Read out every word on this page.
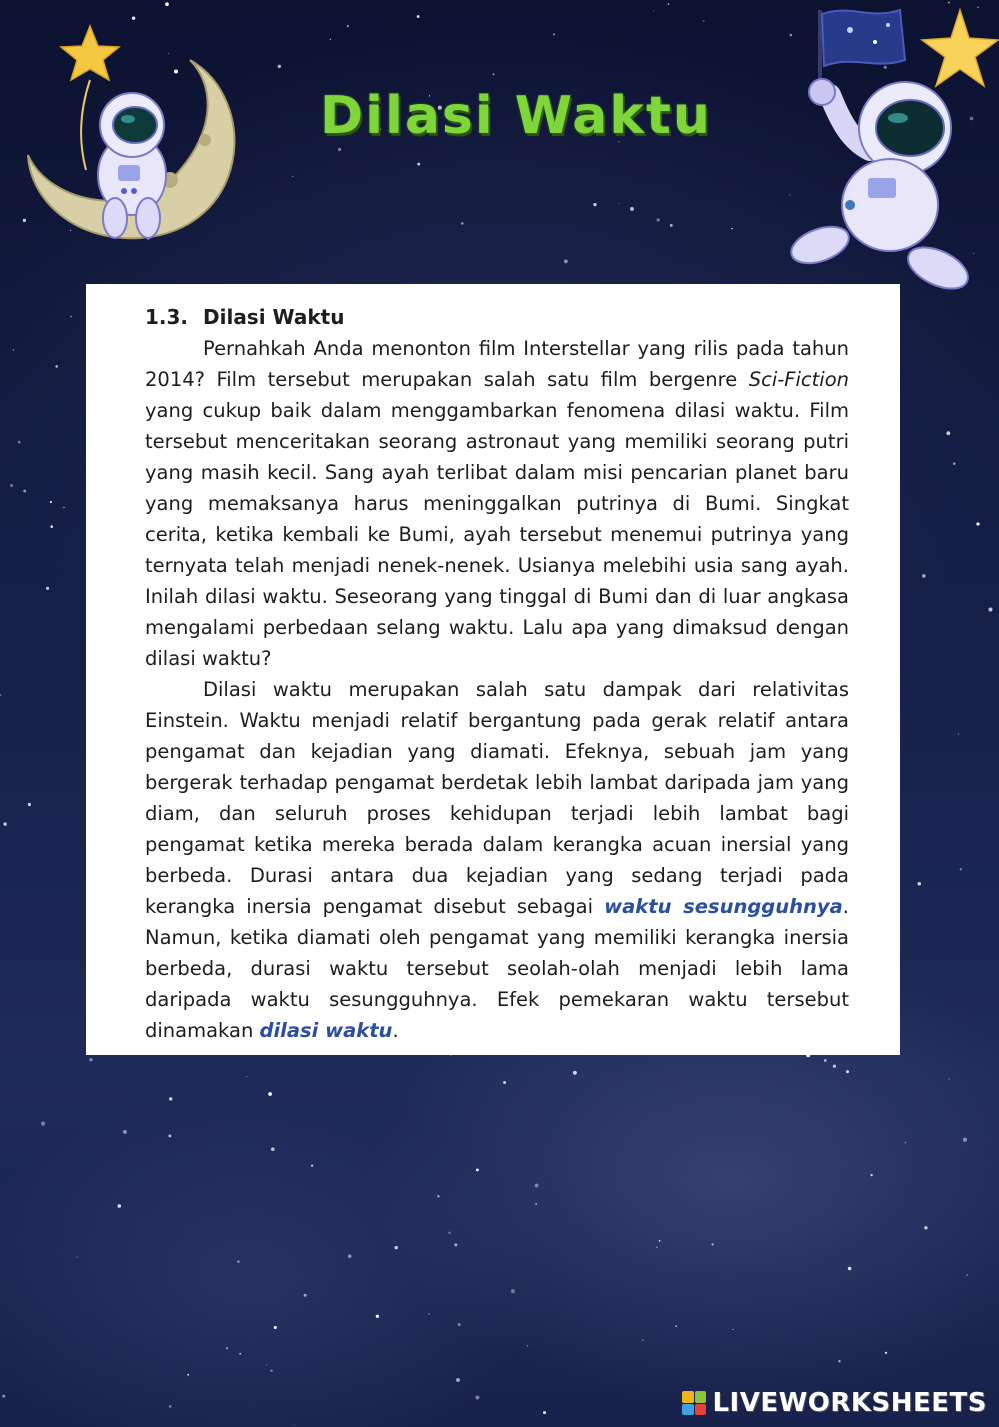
Dilasi Waktu
1.3. Dilasi Waktu

Pernahkah Anda menonton film Interstellar yang rilis pada tahun 2014? Film tersebut merupakan salah satu film bergenre Sci-Fiction yang cukup baik dalam menggambarkan fenomena dilasi waktu. Film tersebut menceritakan seorang astronaut yang memiliki seorang putri yang masih kecil. Sang ayah terlibat dalam misi pencarian planet baru yang memaksanya harus meninggalkan putrinya di Bumi. Singkat cerita, ketika kembali ke Bumi, ayah tersebut menemui putrinya yang ternyata telah menjadi nenek-nenek. Usianya melebihi usia sang ayah. Inilah dilasi waktu. Seseorang yang tinggal di Bumi dan di luar angkasa mengalami perbedaan selang waktu. Lalu apa yang dimaksud dengan dilasi waktu?

Dilasi waktu merupakan salah satu dampak dari relativitas Einstein. Waktu menjadi relatif bergantung pada gerak relatif antara pengamat dan kejadian yang diamati. Efeknya, sebuah jam yang bergerak terhadap pengamat berdetak lebih lambat daripada jam yang diam, dan seluruh proses kehidupan terjadi lebih lambat bagi pengamat ketika mereka berada dalam kerangka acuan inersial yang berbeda. Durasi antara dua kejadian yang sedang terjadi pada kerangka inersia pengamat disebut sebagai waktu sesungguhnya. Namun, ketika diamati oleh pengamat yang memiliki kerangka inersia berbeda, durasi waktu tersebut seolah-olah menjadi lebih lama daripada waktu sesungguhnya. Efek pemekaran waktu tersebut dinamakan dilasi waktu.

LIVEWORKSHEETS
